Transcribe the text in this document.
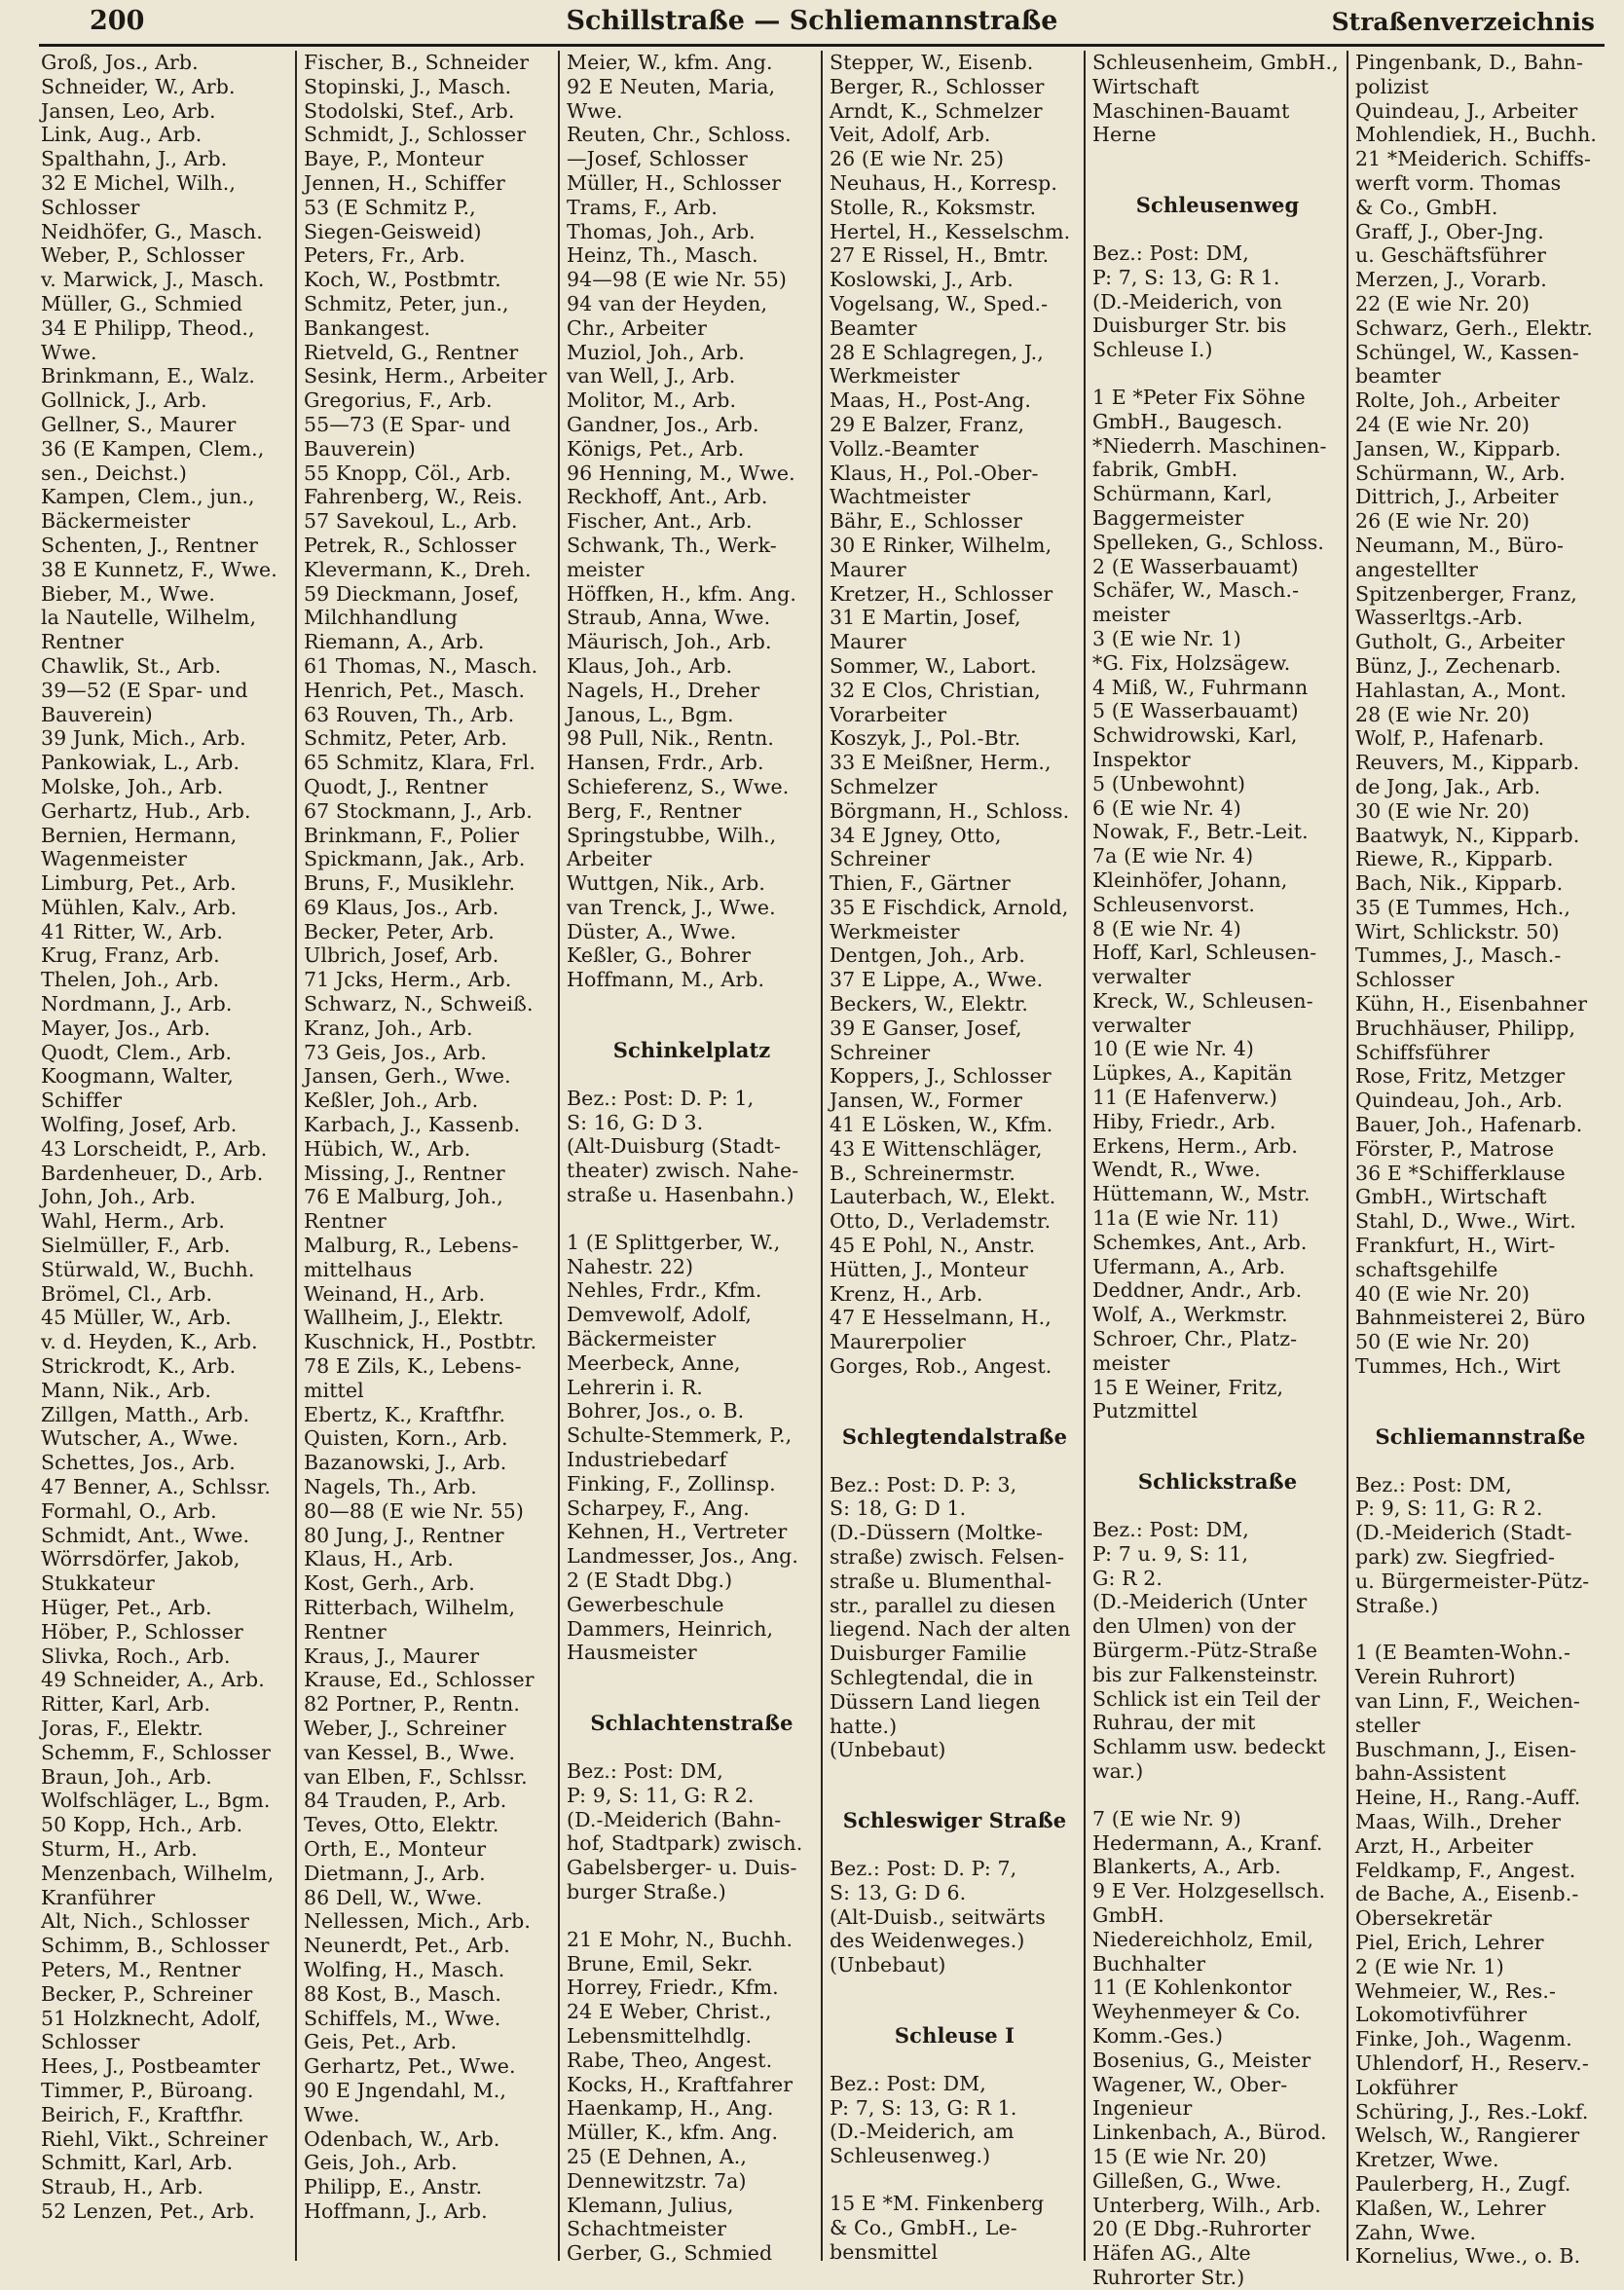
200	Schillstraße — Schliemannstraße	Straßenverzeichnis
Groß, Jos., Arb.
Schneider, W., Arb.
Jansen, Leo, Arb.
Link, Aug., Arb.
Spalthahn, J., Arb.
32 E Michel, Wilh.,
Schlosser
Neidhöfer, G., Masch.
Weber, P., Schlosser
v. Marwick, J., Masch.
Müller, G., Schmied
34 E Philipp, Theod.,
Wwe.
Brinkmann, E., Walz.
Gollnick, J., Arb.
Gellner, S., Maurer
36 (E Kampen, Clem.,
sen., Deichst.)
Kampen, Clem., jun.,
Bäckermeister
Schenten, J., Rentner
38 E Kunnetz, F., Wwe.
Bieber, M., Wwe.
la Nautelle, Wilhelm,
Rentner
Chawlik, St., Arb.
39—52 (E Spar- und
Bauverein)
39 Junk, Mich., Arb.
Pankowiak, L., Arb.
Molske, Joh., Arb.
Gerhartz, Hub., Arb.
Bernien, Hermann,
Wagenmeister
Limburg, Pet., Arb.
Mühlen, Kalv., Arb.
41 Ritter, W., Arb.
Krug, Franz, Arb.
Thelen, Joh., Arb.
Nordmann, J., Arb.
Mayer, Jos., Arb.
Quodt, Clem., Arb.
Koogmann, Walter,
Schiffer
Wolfing, Josef, Arb.
43 Lorscheidt, P., Arb.
Bardenheuer, D., Arb.
John, Joh., Arb.
Wahl, Herm., Arb.
Sielmüller, F., Arb.
Stürwald, W., Buchh.
Brömel, Cl., Arb.
45 Müller, W., Arb.
v. d. Heyden, K., Arb.
Strickrodt, K., Arb.
Mann, Nik., Arb.
Zillgen, Matth., Arb.
Wutscher, A., Wwe.
Schettes, Jos., Arb.
47 Benner, A., Schlssr.
Formahl, O., Arb.
Schmidt, Ant., Wwe.
Wörrsdörfer, Jakob,
Stukkateur
Hüger, Pet., Arb.
Höber, P., Schlosser
Slivka, Roch., Arb.
49 Schneider, A., Arb.
Ritter, Karl, Arb.
Joras, F., Elektr.
Schemm, F., Schlosser
Braun, Joh., Arb.
Wolfschläger, L., Bgm.
50 Kopp, Hch., Arb.
Sturm, H., Arb.
Menzenbach, Wilhelm,
Kranführer
Alt, Nich., Schlosser
Schimm, B., Schlosser
Peters, M., Rentner
Becker, P., Schreiner
51 Holzknecht, Adolf,
Schlosser
Hees, J., Postbeamter
Timmer, P., Büroang.
Beirich, F., Kraftfhr.
Riehl, Vikt., Schreiner
Schmitt, Karl, Arb.
Straub, H., Arb.
52 Lenzen, Pet., Arb.
Fischer, B., Schneider
Stopinski, J., Masch.
Stodolski, Stef., Arb.
Schmidt, J., Schlosser
Baye, P., Monteur
Jennen, H., Schiffer
53 (E Schmitz P.,
Siegen-Geisweid)
Peters, Fr., Arb.
Koch, W., Postbmtr.
Schmitz, Peter, jun.,
Bankangest.
Rietveld, G., Rentner
Sesink, Herm., Arbeiter
Gregorius, F., Arb.
55—73 (E Spar- und
Bauverein)
55 Knopp, Cöl., Arb.
Fahrenberg, W., Reis.
57 Savekoul, L., Arb.
Petrek, R., Schlosser
Klevermann, K., Dreh.
59 Dieckmann, Josef,
Milchhandlung
Riemann, A., Arb.
61 Thomas, N., Masch.
Henrich, Pet., Masch.
63 Rouven, Th., Arb.
Schmitz, Peter, Arb.
65 Schmitz, Klara, Frl.
Quodt, J., Rentner
67 Stockmann, J., Arb.
Brinkmann, F., Polier
Spickmann, Jak., Arb.
Bruns, F., Musiklehr.
69 Klaus, Jos., Arb.
Becker, Peter, Arb.
Ulbrich, Josef, Arb.
71 Jcks, Herm., Arb.
Schwarz, N., Schweiß.
Kranz, Joh., Arb.
73 Geis, Jos., Arb.
Jansen, Gerh., Wwe.
Keßler, Joh., Arb.
Karbach, J., Kassenb.
Hübich, W., Arb.
Missing, J., Rentner
76 E Malburg, Joh.,
Rentner
Malburg, R., Lebens-
mittelhaus
Weinand, H., Arb.
Wallheim, J., Elektr.
Kuschnick, H., Postbtr.
78 E Zils, K., Lebens-
mittel
Ebertz, K., Kraftfhr.
Quisten, Korn., Arb.
Bazanowski, J., Arb.
Nagels, Th., Arb.
80—88 (E wie Nr. 55)
80 Jung, J., Rentner
Klaus, H., Arb.
Kost, Gerh., Arb.
Ritterbach, Wilhelm,
Rentner
Kraus, J., Maurer
Krause, Ed., Schlosser
82 Portner, P., Rentn.
Weber, J., Schreiner
van Kessel, B., Wwe.
van Elben, F., Schlssr.
84 Trauden, P., Arb.
Teves, Otto, Elektr.
Orth, E., Monteur
Dietmann, J., Arb.
86 Dell, W., Wwe.
Nellessen, Mich., Arb.
Neunerdt, Pet., Arb.
Wolfing, H., Masch.
88 Kost, B., Masch.
Schiffels, M., Wwe.
Geis, Pet., Arb.
Gerhartz, Pet., Wwe.
90 E Jngendahl, M.,
Wwe.
Odenbach, W., Arb.
Geis, Joh., Arb.
Philipp, E., Anstr.
Hoffmann, J., Arb.
Meier, W., kfm. Ang.
92 E Neuten, Maria,
Wwe.
Reuten, Chr., Schloss.
—Josef, Schlosser
Müller, H., Schlosser
Trams, F., Arb.
Thomas, Joh., Arb.
Heinz, Th., Masch.
94—98 (E wie Nr. 55)
94 van der Heyden,
Chr., Arbeiter
Muziol, Joh., Arb.
van Well, J., Arb.
Molitor, M., Arb.
Gandner, Jos., Arb.
Königs, Pet., Arb.
96 Henning, M., Wwe.
Reckhoff, Ant., Arb.
Fischer, Ant., Arb.
Schwank, Th., Werk-
meister
Höffken, H., kfm. Ang.
Straub, Anna, Wwe.
Mäurisch, Joh., Arb.
Klaus, Joh., Arb.
Nagels, H., Dreher
Janous, L., Bgm.
98 Pull, Nik., Rentn.
Hansen, Frdr., Arb.
Schieferenz, S., Wwe.
Berg, F., Rentner
Springstubbe, Wilh.,
Arbeiter
Wuttgen, Nik., Arb.
van Trenck, J., Wwe.
Düster, A., Wwe.
Keßler, G., Bohrer
Hoffmann, M., Arb.
Schinkelplatz
Bez.: Post: D. P: 1,
S: 16, G: D 3.
(Alt-Duisburg (Stadt-
theater) zwisch. Nahe-
straße u. Hasenbahn.)
1 (E Splittgerber, W.,
Nahestr. 22)
Nehles, Frdr., Kfm.
Demvewolf, Adolf,
Bäckermeister
Meerbeck, Anne,
Lehrerin i. R.
Bohrer, Jos., o. B.
Schulte-Stemmerk, P.,
Industriebedarf
Finking, F., Zollinsp.
Scharpey, F., Ang.
Kehnen, H., Vertreter
Landmesser, Jos., Ang.
2 (E Stadt Dbg.)
Gewerbeschule
Dammers, Heinrich,
Hausmeister
Schlachtenstraße
Bez.: Post: DM,
P: 9, S: 11, G: R 2.
(D.-Meiderich (Bahn-
hof, Stadtpark) zwisch.
Gabelsberger- u. Duis-
burger Straße.)
21 E Mohr, N., Buchh.
Brune, Emil, Sekr.
Horrey, Friedr., Kfm.
24 E Weber, Christ.,
Lebensmittelhdlg.
Rabe, Theo, Angest.
Kocks, H., Kraftfahrer
Haenkamp, H., Ang.
Müller, K., kfm. Ang.
25 (E Dehnen, A.,
Dennewitzstr. 7a)
Klemann, Julius,
Schachtmeister
Gerber, G., Schmied
Stepper, W., Eisenb.
Berger, R., Schlosser
Arndt, K., Schmelzer
Veit, Adolf, Arb.
26 (E wie Nr. 25)
Neuhaus, H., Korresp.
Stolle, R., Koksmstr.
Hertel, H., Kesselschm.
27 E Rissel, H., Bmtr.
Koslowski, J., Arb.
Vogelsang, W., Sped.-
Beamter
28 E Schlagregen, J.,
Werkmeister
Maas, H., Post-Ang.
29 E Balzer, Franz,
Vollz.-Beamter
Klaus, H., Pol.-Ober-
Wachtmeister
Bähr, E., Schlosser
30 E Rinker, Wilhelm,
Maurer
Kretzer, H., Schlosser
31 E Martin, Josef,
Maurer
Sommer, W., Labort.
32 E Clos, Christian,
Vorarbeiter
Koszyk, J., Pol.-Btr.
33 E Meißner, Herm.,
Schmelzer
Börgmann, H., Schloss.
34 E Jgney, Otto,
Schreiner
Thien, F., Gärtner
35 E Fischdick, Arnold,
Werkmeister
Dentgen, Joh., Arb.
37 E Lippe, A., Wwe.
Beckers, W., Elektr.
39 E Ganser, Josef,
Schreiner
Koppers, J., Schlosser
Jansen, W., Former
41 E Lösken, W., Kfm.
43 E Wittenschläger,
B., Schreinermstr.
Lauterbach, W., Elekt.
Otto, D., Verlademstr.
45 E Pohl, N., Anstr.
Hütten, J., Monteur
Krenz, H., Arb.
47 E Hesselmann, H.,
Maurerpolier
Gorges, Rob., Angest.
Schlegtendalstraße
Bez.: Post: D. P: 3,
S: 18, G: D 1.
(D.-Düssern (Moltke-
straße) zwisch. Felsen-
straße u. Blumenthal-
str., parallel zu diesen
liegend. Nach der alten
Duisburger Familie
Schlegtendal, die in
Düssern Land liegen
hatte.)
(Unbebaut)
Schleswiger Straße
Bez.: Post: D. P: 7,
S: 13, G: D 6.
(Alt-Duisb., seitwärts
des Weidenweges.)
(Unbebaut)
Schleuse I
Bez.: Post: DM,
P: 7, S: 13, G: R 1.
(D.-Meiderich, am
Schleusenweg.)
15 E *M. Finkenberg
& Co., GmbH., Le-
bensmittel
Schleusenheim, GmbH.,
Wirtschaft
Maschinen-Bauamt
Herne
Schleusenweg
Bez.: Post: DM,
P: 7, S: 13, G: R 1.
(D.-Meiderich, von
Duisburger Str. bis
Schleuse I.)
1 E *Peter Fix Söhne
GmbH., Baugesch.
*Niederrh. Maschinen-
fabrik, GmbH.
Schürmann, Karl,
Baggermeister
Spelleken, G., Schloss.
2 (E Wasserbauamt)
Schäfer, W., Masch.-
meister
3 (E wie Nr. 1)
*G. Fix, Holzsägew.
4 Miß, W., Fuhrmann
5 (E Wasserbauamt)
Schwidrowski, Karl,
Inspektor
5 (Unbewohnt)
6 (E wie Nr. 4)
Nowak, F., Betr.-Leit.
7a (E wie Nr. 4)
Kleinhöfer, Johann,
Schleusenvorst.
8 (E wie Nr. 4)
Hoff, Karl, Schleusen-
verwalter
Kreck, W., Schleusen-
verwalter
10 (E wie Nr. 4)
Lüpkes, A., Kapitän
11 (E Hafenverw.)
Hiby, Friedr., Arb.
Erkens, Herm., Arb.
Wendt, R., Wwe.
Hüttemann, W., Mstr.
11a (E wie Nr. 11)
Schemkes, Ant., Arb.
Ufermann, A., Arb.
Deddner, Andr., Arb.
Wolf, A., Werkmstr.
Schroer, Chr., Platz-
meister
15 E Weiner, Fritz,
Putzmittel
Schlickstraße
Bez.: Post: DM,
P: 7 u. 9, S: 11,
G: R 2.
(D.-Meiderich (Unter
den Ulmen) von der
Bürgerm.-Pütz-Straße
bis zur Falkensteinstr.
Schlick ist ein Teil der
Ruhrau, der mit
Schlamm usw. bedeckt
war.)
7 (E wie Nr. 9)
Hedermann, A., Kranf.
Blankerts, A., Arb.
9 E Ver. Holzgesellsch.
GmbH.
Niedereichholz, Emil,
Buchhalter
11 (E Kohlenkontor
Weyhenmeyer & Co.
Komm.-Ges.)
Bosenius, G., Meister
Wagener, W., Ober-
Ingenieur
Linkenbach, A., Bürod.
15 (E wie Nr. 20)
Gilleßen, G., Wwe.
Unterberg, Wilh., Arb.
20 (E Dbg.-Ruhrorter
Häfen AG., Alte
Ruhrorter Str.)
Pingenbank, D., Bahn-
polizist
Quindeau, J., Arbeiter
Mohlendiek, H., Buchh.
21 *Meiderich. Schiffs-
werft vorm. Thomas
& Co., GmbH.
Graff, J., Ober-Jng.
u. Geschäftsführer
Merzen, J., Vorarb.
22 (E wie Nr. 20)
Schwarz, Gerh., Elektr.
Schüngel, W., Kassen-
beamter
Rolte, Joh., Arbeiter
24 (E wie Nr. 20)
Jansen, W., Kipparb.
Schürmann, W., Arb.
Dittrich, J., Arbeiter
26 (E wie Nr. 20)
Neumann, M., Büro-
angestellter
Spitzenberger, Franz,
Wasserltgs.-Arb.
Gutholt, G., Arbeiter
Bünz, J., Zechenarb.
Hahlastan, A., Mont.
28 (E wie Nr. 20)
Wolf, P., Hafenarb.
Reuvers, M., Kipparb.
de Jong, Jak., Arb.
30 (E wie Nr. 20)
Baatwyk, N., Kipparb.
Riewe, R., Kipparb.
Bach, Nik., Kipparb.
35 (E Tummes, Hch.,
Wirt, Schlickstr. 50)
Tummes, J., Masch.-
Schlosser
Kühn, H., Eisenbahner
Bruchhäuser, Philipp,
Schiffsführer
Rose, Fritz, Metzger
Quindeau, Joh., Arb.
Bauer, Joh., Hafenarb.
Förster, P., Matrose
36 E *Schifferklause
GmbH., Wirtschaft
Stahl, D., Wwe., Wirt.
Frankfurt, H., Wirt-
schaftsgehilfe
40 (E wie Nr. 20)
Bahnmeisterei 2, Büro
50 (E wie Nr. 20)
Tummes, Hch., Wirt
Schliemannstraße
Bez.: Post: DM,
P: 9, S: 11, G: R 2.
(D.-Meiderich (Stadt-
park) zw. Siegfried-
u. Bürgermeister-Pütz-
Straße.)
1 (E Beamten-Wohn.-
Verein Ruhrort)
van Linn, F., Weichen-
steller
Buschmann, J., Eisen-
bahn-Assistent
Heine, H., Rang.-Auff.
Maas, Wilh., Dreher
Arzt, H., Arbeiter
Feldkamp, F., Angest.
de Bache, A., Eisenb.-
Obersekretär
Piel, Erich, Lehrer
2 (E wie Nr. 1)
Wehmeier, W., Res.-
Lokomotivführer
Finke, Joh., Wagenm.
Uhlendorf, H., Reserv.-
Lokführer
Schüring, J., Res.-Lokf.
Welsch, W., Rangierer
Kretzer, Wwe.
Paulerberg, H., Zugf.
Klaßen, W., Lehrer
Zahn, Wwe.
Kornelius, Wwe., o. B.
